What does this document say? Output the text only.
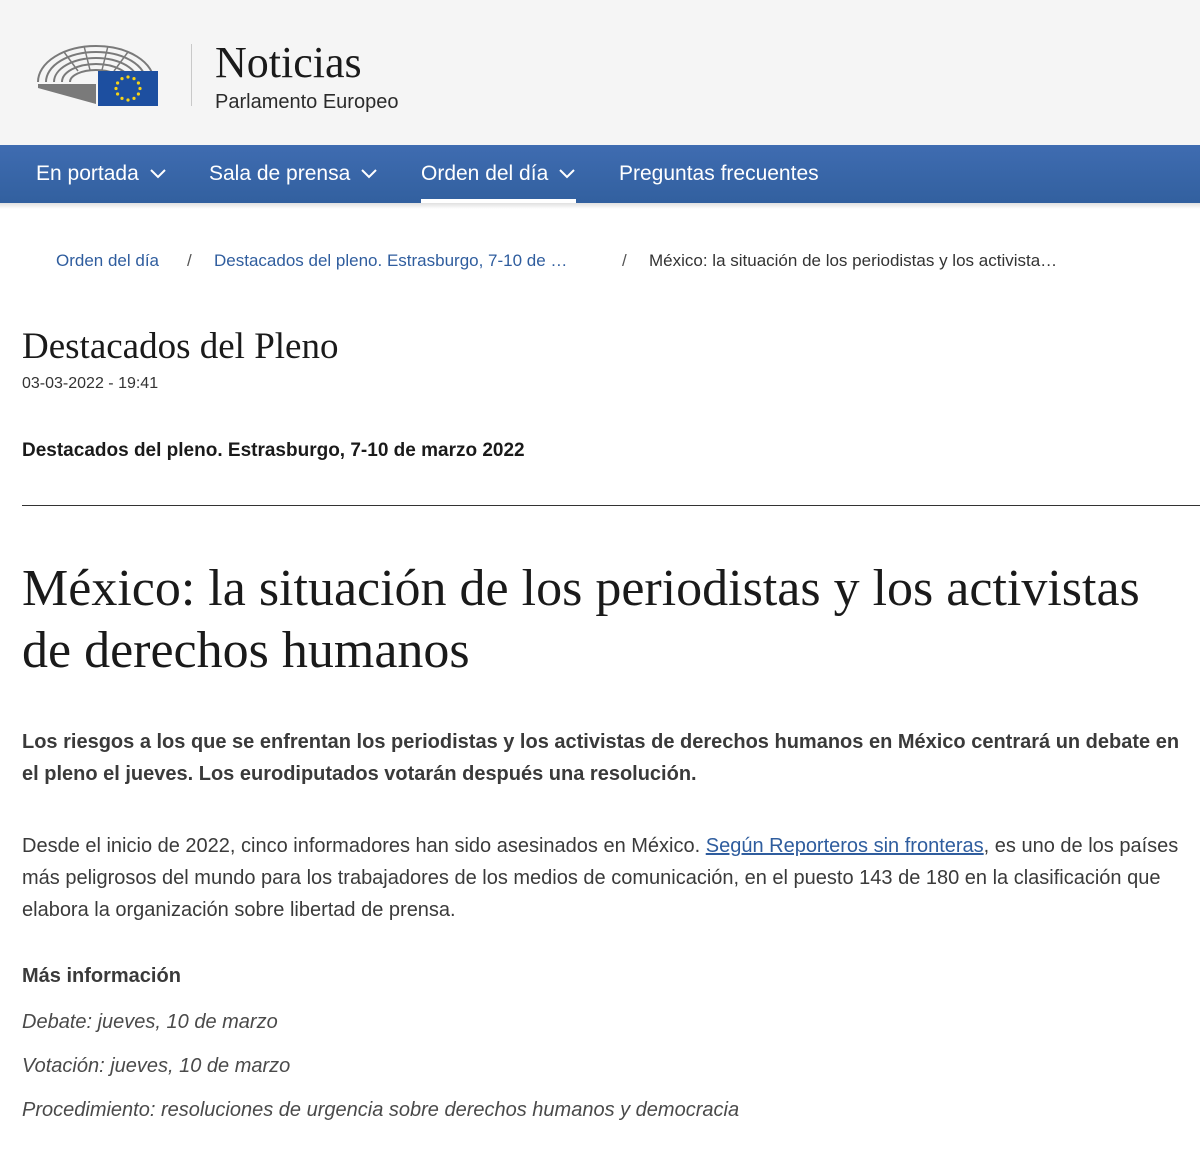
Noticias
Parlamento Europeo
En portada	Sala de prensa	Orden del día	Preguntas frecuentes
Orden del día / Destacados del pleno. Estrasburgo, 7-10 de …	/ México: la situación de los periodistas y los activista…
Destacados del Pleno
03-03-2022 - 19:41
Destacados del pleno. Estrasburgo, 7-10 de marzo 2022
México: la situación de los periodistas y los activistas de derechos humanos

Los riesgos a los que se enfrentan los periodistas y los activistas de derechos humanos en México centrará un debate en el pleno el jueves. Los eurodiputados votarán después una resolución.

Desde el inicio de 2022, cinco informadores han sido asesinados en México. Según Reporteros sin fronteras, es uno de los países más peligrosos del mundo para los trabajadores de los medios de comunicación, en el puesto 143 de 180 en la clasificación que elabora la organización sobre libertad de prensa.

Más información
Debate: jueves, 10 de marzo
Votación: jueves, 10 de marzo
Procedimiento: resoluciones de urgencia sobre derechos humanos y democracia
